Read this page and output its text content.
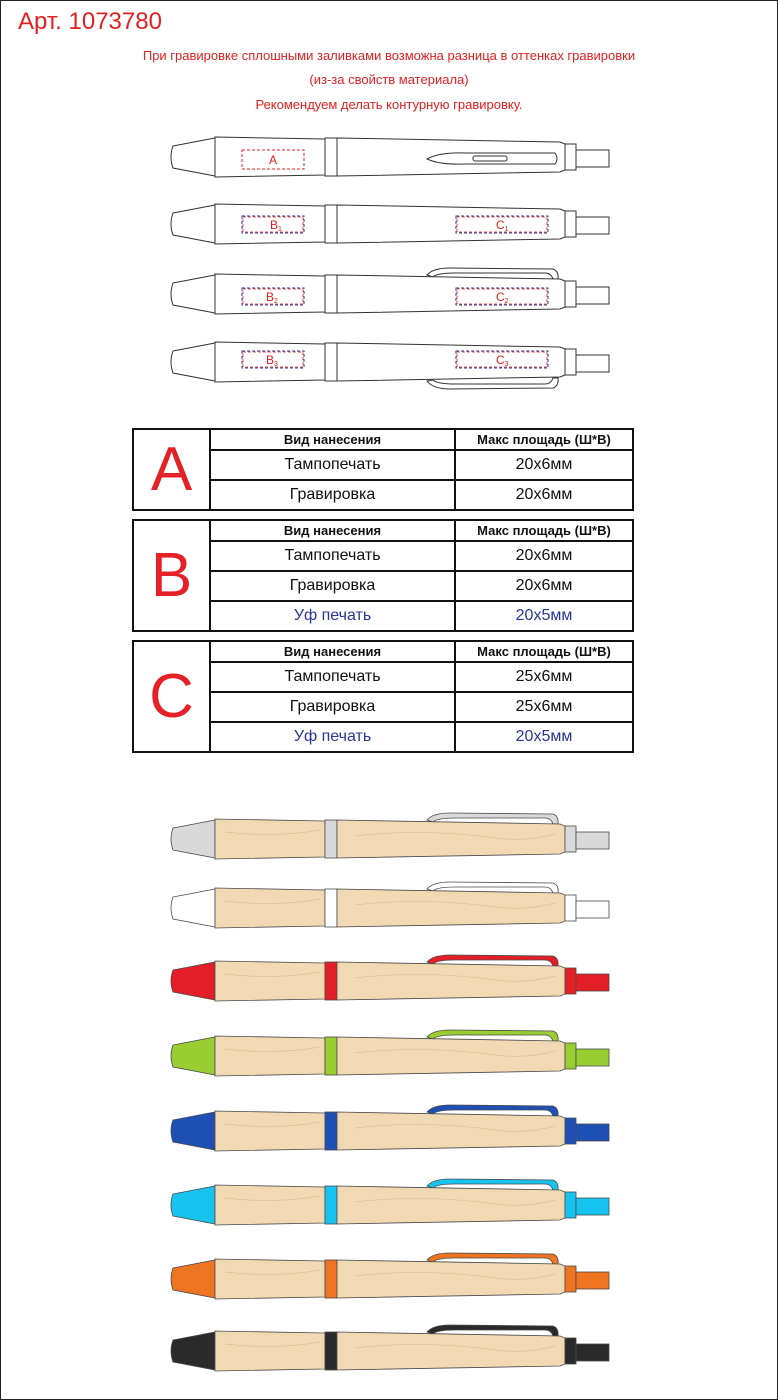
Арт. 1073780
При гравировке сплошными заливками возможна разница в оттенках гравировки
(из-за свойств материала)
Рекомендуем делать контурную гравировку.
A
B1	C1
B2	C2
B3	C3
A	Вид нанесения	Макс площадь (Ш*В)
	Тампопечать	20x6мм
	Гравировка	20x6мм
B	Вид нанесения	Макс площадь (Ш*В)
	Тампопечать	20x6мм
	Гравировка	20x6мм
	Уф печать	20x5мм
C	Вид нанесения	Макс площадь (Ш*В)
	Тампопечать	25x6мм
	Гравировка	25x6мм
	Уф печать	20x5мм
